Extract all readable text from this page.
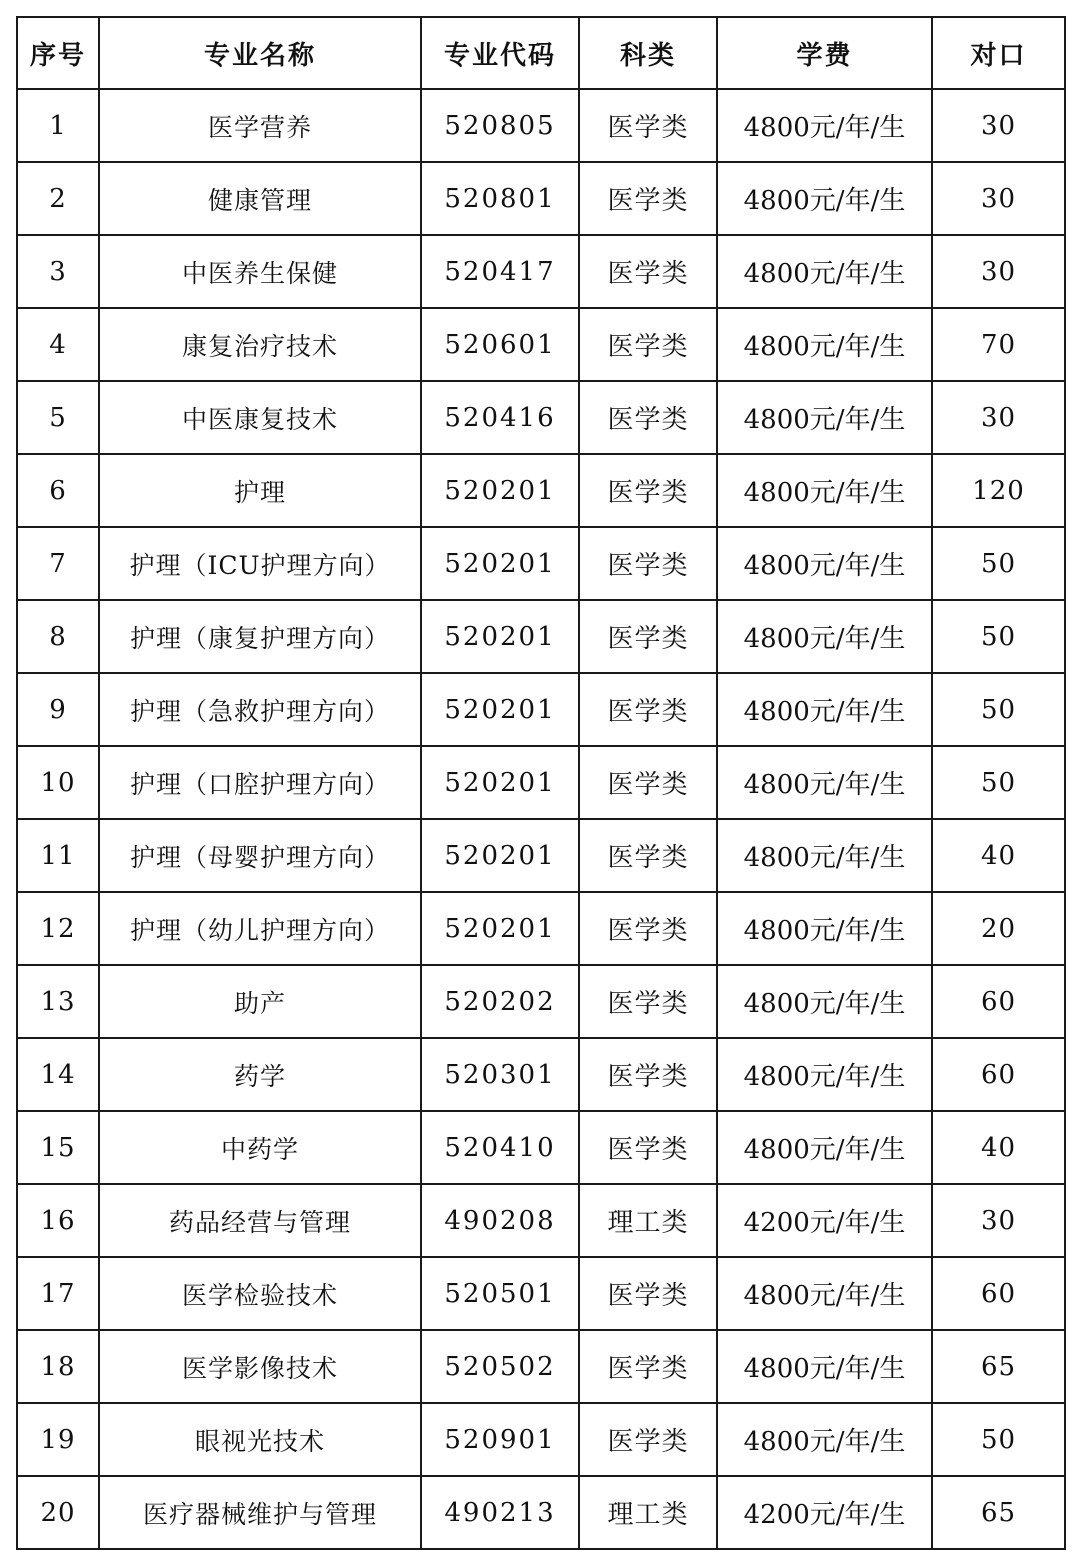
序号	专业名称	专业代码	科类	学费	对口
1	医学营养	520805	医学类	4800元/年/生	30
2	健康管理	520801	医学类	4800元/年/生	30
3	中医养生保健	520417	医学类	4800元/年/生	30
4	康复治疗技术	520601	医学类	4800元/年/生	70
5	中医康复技术	520416	医学类	4800元/年/生	30
6	护理	520201	医学类	4800元/年/生	120
7	护理（ICU护理方向）	520201	医学类	4800元/年/生	50
8	护理（康复护理方向）	520201	医学类	4800元/年/生	50
9	护理（急救护理方向）	520201	医学类	4800元/年/生	50
10	护理（口腔护理方向）	520201	医学类	4800元/年/生	50
11	护理（母婴护理方向）	520201	医学类	4800元/年/生	40
12	护理（幼儿护理方向）	520201	医学类	4800元/年/生	20
13	助产	520202	医学类	4800元/年/生	60
14	药学	520301	医学类	4800元/年/生	60
15	中药学	520410	医学类	4800元/年/生	40
16	药品经营与管理	490208	理工类	4200元/年/生	30
17	医学检验技术	520501	医学类	4800元/年/生	60
18	医学影像技术	520502	医学类	4800元/年/生	65
19	眼视光技术	520901	医学类	4800元/年/生	50
20	医疗器械维护与管理	490213	理工类	4200元/年/生	65
